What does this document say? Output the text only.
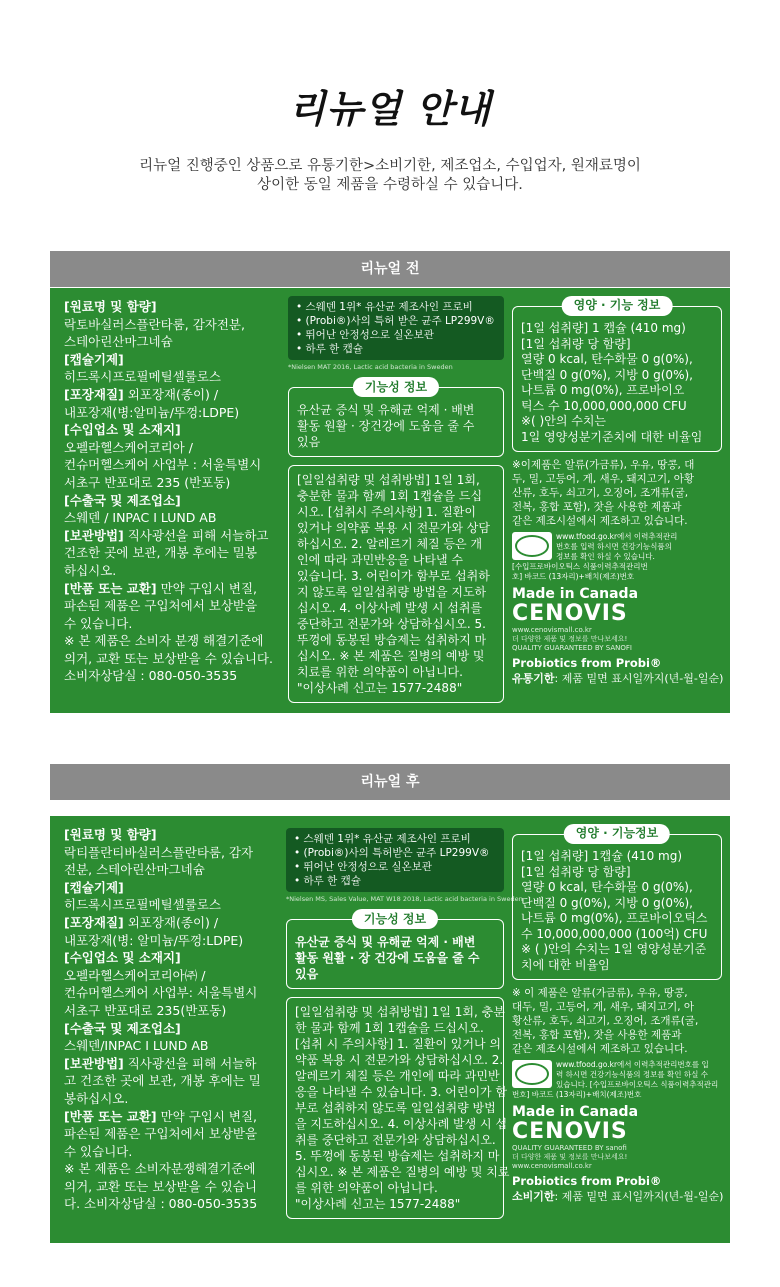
리뉴얼 안내
리뉴얼 진행중인 상품으로 유통기한>소비기한, 제조업소, 수입업자, 원재료명이
상이한 동일 제품을 수령하실 수 있습니다.
리뉴얼 전
[원료명 및 함량]
락토바실러스플란타룸, 감자전분,
스테아린산마그네슘
[캡슐기제]
히드록시프로필메틸셀룰로스
[포장재질] 외포장재(종이) /
내포장재(병:알미늄/뚜껑:LDPE)
[수입업소 및 소재지]
오펠라헬스케어코리아 /
컨슈머헬스케어 사업부 : 서울특별시
서초구 반포대로 235 (반포동)
[수출국 및 제조업소]
스웨덴 / INPAC I LUND AB
[보관방법] 직사광선을 피해 서늘하고
건조한 곳에 보관, 개봉 후에는 밀봉
하십시오.
[반품 또는 교환] 만약 구입시 변질,
파손된 제품은 구입처에서 보상받을
수 있습니다.
※ 본 제품은 소비자 분쟁 해결기준에
의거, 교환 또는 보상받을 수 있습니다.
소비자상담실 : 080-050-3535
• 스웨덴 1위* 유산균 제조사인 프로비
• (Probi®)사의 특허 받은 균주 LP299V®
• 뛰어난 안정성으로 실온보관
• 하루 한 캡슐
*Nielsen MAT 2016, Lactic acid bacteria in Sweden
기능성 정보
유산균 증식 및 유해균 억제 · 배변
활동 원활 · 장건강에 도움을 줄 수
있음
[일일섭취량 및 섭취방법] 1일 1회,
충분한 물과 함께 1회 1캡슐을 드십
시오. [섭취시 주의사항] 1. 질환이
있거나 의약품 복용 시 전문가와 상담
하십시오. 2. 알레르기 체질 등은 개
인에 따라 과민반응을 나타낼 수
있습니다. 3. 어린이가 함부로 섭취하
지 않도록 일일섭취량 방법을 지도하
십시오. 4. 이상사례 발생 시 섭취를
중단하고 전문가와 상담하십시오. 5.
뚜껑에 동봉된 방습제는 섭취하지 마
십시오. ※ 본 제품은 질병의 예방 및
치료를 위한 의약품이 아닙니다.
"이상사례 신고는 1577-2488"
영양 · 기능 정보
[1일 섭취량] 1 캡슐 (410 mg)
[1일 섭취량 당 함량]
열량 0 kcal, 탄수화물 0 g(0%),
단백질 0 g(0%), 지방 0 g(0%),
나트륨 0 mg(0%), 프로바이오
틱스 수 10,000,000,000 CFU
※( )안의 수치는
1일 영양성분기준치에 대한 비율임
※이제품은 알류(가금류), 우유, 땅콩, 대
두, 밀, 고등어, 게, 새우, 돼지고기, 아황
산류, 호두, 쇠고기, 오징어, 조개류(굴,
전복, 홍합 포함), 잣을 사용한 제품과
같은 제조시설에서 제조하고 있습니다.
www.tfood.go.kr에서 이력추적관리
번호를 입력 하시면 건강기능식품의
정보를 확인 하실 수 있습니다.
[수입프로바이오틱스 식품이력추적관리번
호] 바코드 (13자리)+배치(제조)번호
Made in Canada
CENOVIS
www.cenovismall.co.kr
더 다양한 제품 및 정보를 만나보세요!
QUALITY GUARANTEED BY SANOFI
Probiotics from Probi®
유통기한: 제품 밑면 표시일까지(년-월-일순)
리뉴얼 후
[원료명 및 함량]
락티플란티바실러스플란타룸, 감자
전분, 스테아린산마그네슘
[캡슐기제]
히드록시프로필메틸셀룰로스
[포장재질] 외포장재(종이) /
내포장재(병: 알미늄/뚜껑:LDPE)
[수입업소 및 소재지]
오펠라헬스케어코리아㈜ /
컨슈머헬스케어 사업부: 서울특별시
서초구 반포대로 235(반포동)
[수출국 및 제조업소]
스웨덴/INPAC I LUND AB
[보관방법] 직사광선을 피해 서늘하
고 건조한 곳에 보관, 개봉 후에는 밀
봉하십시오.
[반품 또는 교환] 만약 구입시 변질,
파손된 제품은 구입처에서 보상받을
수 있습니다.
※ 본 제품은 소비자분쟁해결기준에
의거, 교환 또는 보상받을 수 있습니
다. 소비자상담실 : 080-050-3535
• 스웨덴 1위* 유산균 제조사인 프로비
• (Probi®)사의 특허받은 균주 LP299V®
• 뛰어난 안정성으로 실온보관
• 하루 한 캡슐
*Nielsen MS, Sales Value, MAT W18 2018, Lactic acid bacteria in Sweden
기능성 정보
유산균 증식 및 유해균 억제 · 배변
활동 원활 · 장 건강에 도움을 줄 수
있음
[일일섭취량 및 섭취방법] 1일 1회, 충분
한 물과 함께 1회 1캡슐을 드십시오.
[섭취 시 주의사항] 1. 질환이 있거나 의
약품 복용 시 전문가와 상담하십시오. 2.
알레르기 체질 등은 개인에 따라 과민반
응을 나타낼 수 있습니다. 3. 어린이가 함
부로 섭취하지 않도록 일일섭취량 방법
을 지도하십시오. 4. 이상사례 발생 시 섭
취를 중단하고 전문가와 상담하십시오.
5. 뚜껑에 동봉된 방습제는 섭취하지 마
십시오. ※ 본 제품은 질병의 예방 및 치료
를 위한 의약품이 아닙니다.
"이상사례 신고는 1577-2488"
영양 · 기능정보
[1일 섭취량] 1캡슐 (410 mg)
[1일 섭취량 당 함량]
열량 0 kcal, 탄수화물 0 g(0%),
단백질 0 g(0%), 지방 0 g(0%),
나트륨 0 mg(0%), 프로바이오틱스
수 10,000,000,000 (100억) CFU
※ ( )안의 수치는 1일 영양성분기준
치에 대한 비율임
※ 이 제품은 알류(가금류), 우유, 땅콩,
대두, 밀, 고등어, 게, 새우, 돼지고기, 아
황산류, 호두, 쇠고기, 오징어, 조개류(굴,
전복, 홍합 포함), 잣을 사용한 제품과
같은 제조시설에서 제조하고 있습니다.
www.tfood.go.kr에서 이력추적관리번호를 입
력 하시면 건강기능식품의 정보를 확인 하실 수
있습니다. [수입프로바이오틱스 식품이력추적관리
번호] 바코드 (13자리)+배치(제조)번호
Made in Canada
CENOVIS
QUALITY GUARANTEED BY sanofi
더 다양한 제품 및 정보를 만나보세요!
www.cenovismall.co.kr
Probiotics from Probi®
소비기한: 제품 밑면 표시일까지(년-월-일순)
